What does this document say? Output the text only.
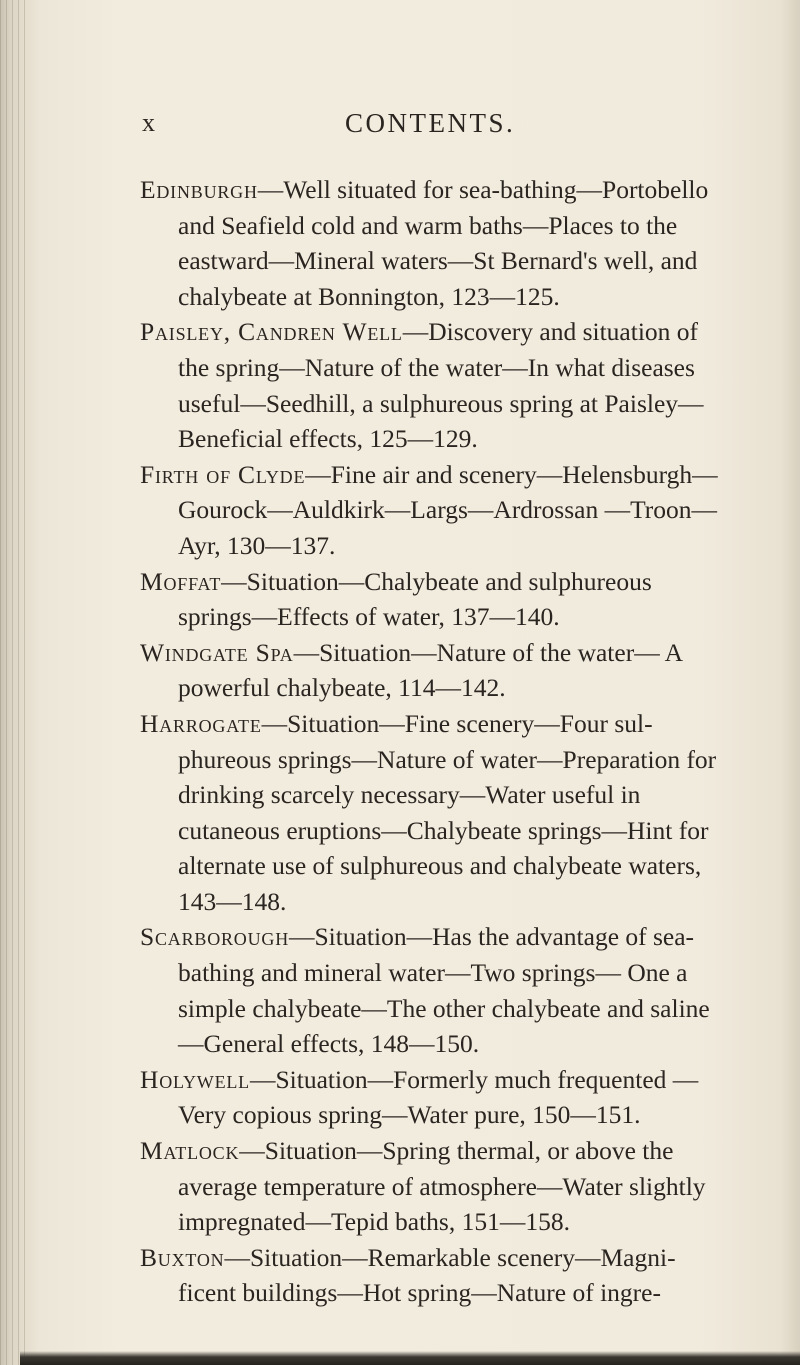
x	CONTENTS.

Edinburgh—Well situated for sea-bathing—Portobello and Seafield cold and warm baths—Places to the eastward—Mineral waters—St Bernard's well, and chalybeate at Bonnington, 123—125.

Paisley, Candren Well—Discovery and situation of the spring—Nature of the water—In what diseases useful—Seedhill, a sulphureous spring at Paisley—Beneficial effects, 125—129.

Firth of Clyde—Fine air and scenery—Helensburgh—Gourock—Auldkirk—Largs—Ardrossan —Troon—Ayr, 130—137.

Moffat—Situation—Chalybeate and sulphureous springs—Effects of water, 137—140.

Windgate Spa—Situation—Nature of the water— A powerful chalybeate, 114—142.

Harrogate—Situation—Fine scenery—Four sulphureous springs—Nature of water—Preparation for drinking scarcely necessary—Water useful in cutaneous eruptions—Chalybeate springs—Hint for alternate use of sulphureous and chalybeate waters, 143—148.

Scarborough—Situation—Has the advantage of sea-bathing and mineral water—Two springs— One a simple chalybeate—The other chalybeate and saline—General effects, 148—150.

Holywell—Situation—Formerly much frequented —Very copious spring—Water pure, 150—151.

Matlock—Situation—Spring thermal, or above the average temperature of atmosphere—Water slightly impregnated—Tepid baths, 151—158.

Buxton—Situation—Remarkable scenery—Magnificent buildings—Hot spring—Nature of ingre-
